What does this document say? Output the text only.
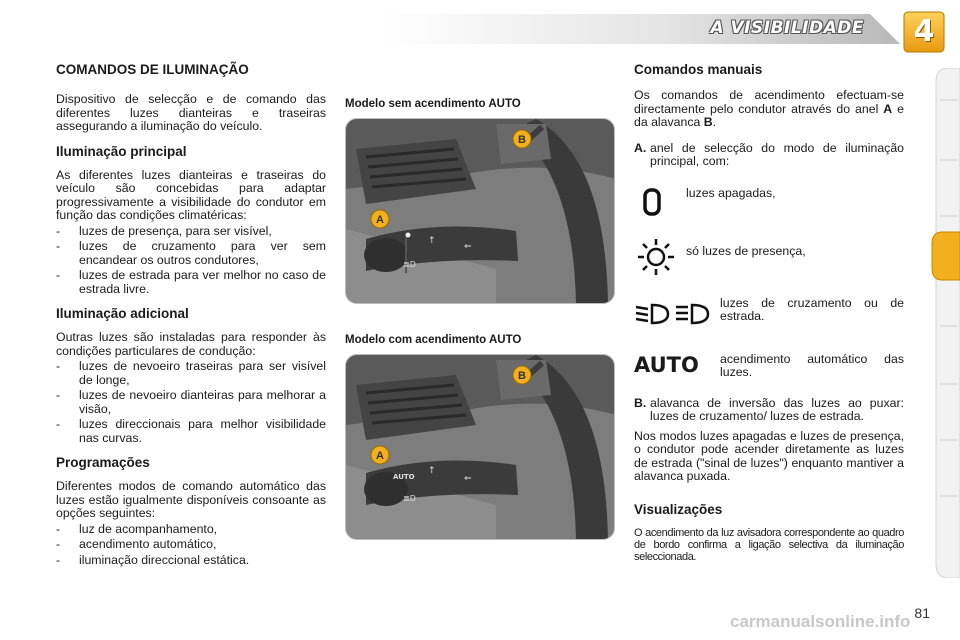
A VISIBILIDADE	4
COMANDOS DE ILUMINAÇÃO

Dispositivo de selecção e de comando das diferentes luzes dianteiras e traseiras assegurando a iluminação do veículo.

Iluminação principal

As diferentes luzes dianteiras e traseiras do veículo são concebidas para adaptar progressivamente a visibilidade do condutor em função das condições climatéricas:

- luzes de presença, para ser visível,
- luzes de cruzamento para ver sem encandear os outros condutores,
- luzes de estrada para ver melhor no caso de estrada livre.
Iluminação adicional

Outras luzes são instaladas para responder às condições particulares de condução:

- luzes de nevoeiro traseiras para ser visível de longe,
- luzes de nevoeiro dianteiras para melhorar a visão,
- luzes direccionais para melhor visibilidade nas curvas.
Programações

Diferentes modos de comando automático das luzes estão igualmente disponíveis consoante as opções seguintes:

- luz de acompanhamento,
- acendimento automático,
- iluminação direccional estática.
Modelo sem acendimento AUTO
≣D
↑
⇐
A
B
Modelo com acendimento AUTO
AUTO
≣D
↑
⇐
A
B
Comandos manuais

Os comandos de acendimento efectuam-se directamente pelo condutor através do anel A e da alavanca B.

A. anel de selecção do modo de iluminação principal, com:
luzes apagadas,
só luzes de presença,
luzes de cruzamento ou de estrada.
AUTO acendimento automático das luzes.
B. alavanca de inversão das luzes ao puxar: luzes de cruzamento/ luzes de estrada.

Nos modos luzes apagadas e luzes de presença, o condutor pode acender diretamente as luzes de estrada ("sinal de luzes") enquanto mantiver a alavanca puxada.

Visualizações

O acendimento da luz avisadora correspondente ao quadro de bordo confirma a ligação selectiva da iluminação seleccionada.

81
carmanualsonline.info
